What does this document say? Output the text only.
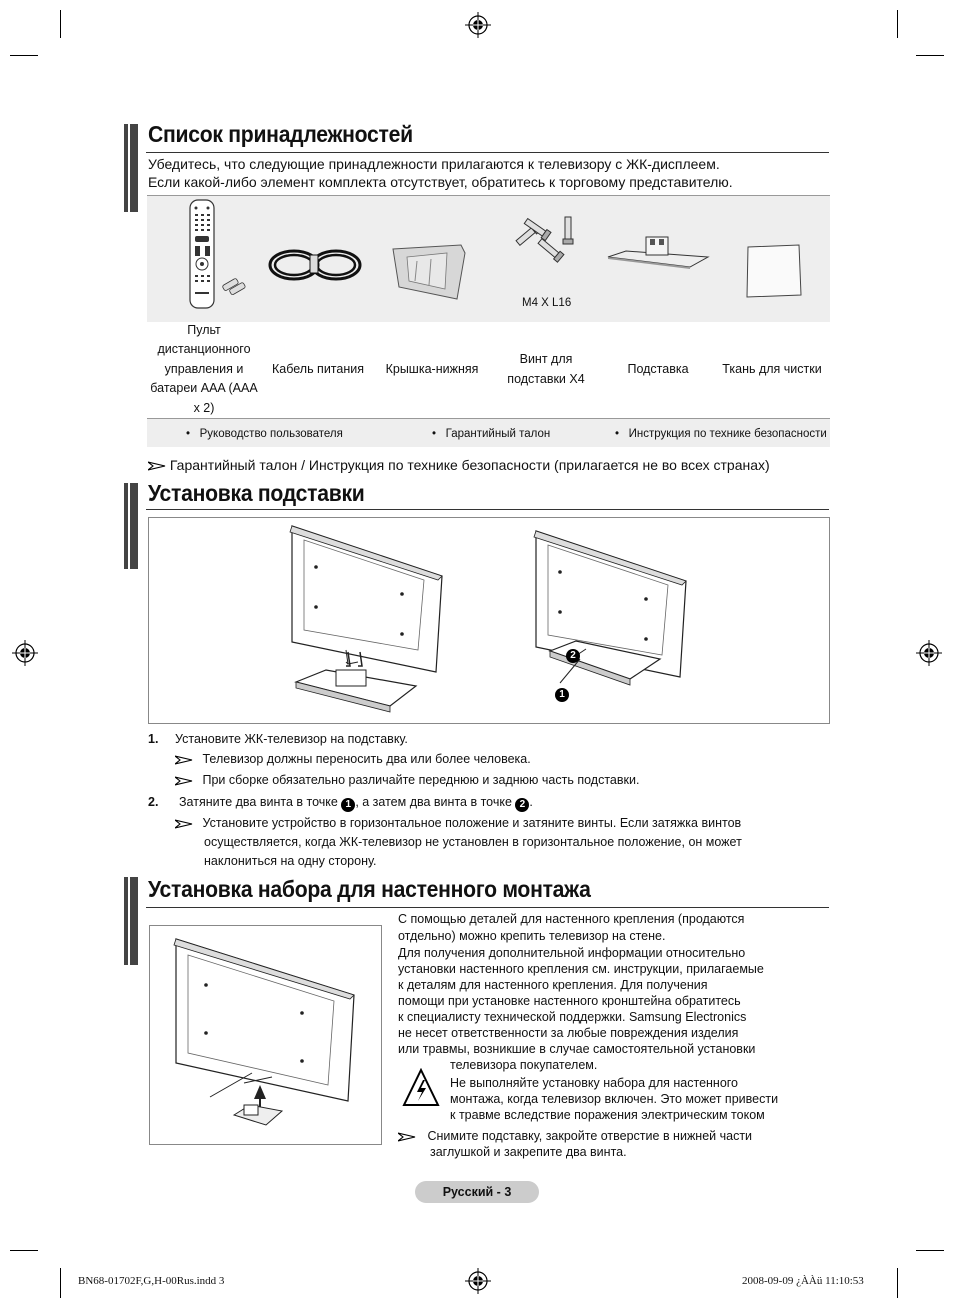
Список принадлежностей
Убедитесь, что следующие принадлежности прилагаются к телевизору с ЖК-дисплеем.
Если какой-либо элемент комплекта отсутствует, обратитесь к торговому представителю.
M4 X L16
Пульт дистанционного управления и батареи AAA (AAA x 2)
Кабель питания	Крышка-нижняя
Винт для подставки X4
Подставка	Ткань для чистки
•   Руководство пользователя	•   Гарантийный талон	•   Инструкция по технике безопасности
Гарантийный талон / Инструкция по технике безопасности (прилагается не во всех странах)
Установка подставки
2
1
1. Установите ЖК-телевизор на подставку.
Телевизор должны переносить два или более человека.
При сборке обязательно различайте переднюю и заднюю часть подставки.
2. Затяните два винта в точке 1 , а затем два винта в точке 2 .
Установите устройство в горизонтальное положение и затяните винты. Если затяжка винтов
осуществляется, когда ЖК-телевизор не установлен в горизонтальное положение, он может
наклониться на одну сторону.
Установка набора для настенного монтажа
С помощью деталей для настенного крепления (продаются
отдельно) можно крепить телевизор на стене.
Для получения дополнительной информации относительно
установки настенного крепления см. инструкции, прилагаемые
к деталям для настенного крепления. Для получения
помощи при установке настенного кронштейна обратитесь
к специалисту технической поддержки. Samsung Electronics
не несет ответственности за любые повреждения изделия
или травмы, возникшие в случае самостоятельной установки
телевизора покупателем.
Не выполняйте установку набора для настенного
монтажа, когда телевизор включен. Это может привести
к травме вследствие поражения электрическим током
Снимите подставку, закройте отверстие в нижней части
заглушкой и закрепите два винта.
Русский - 3
BN68-01702F,G,H-00Rus.indd 3	2008-09-09 ¿ÀÀü 11:10:53
